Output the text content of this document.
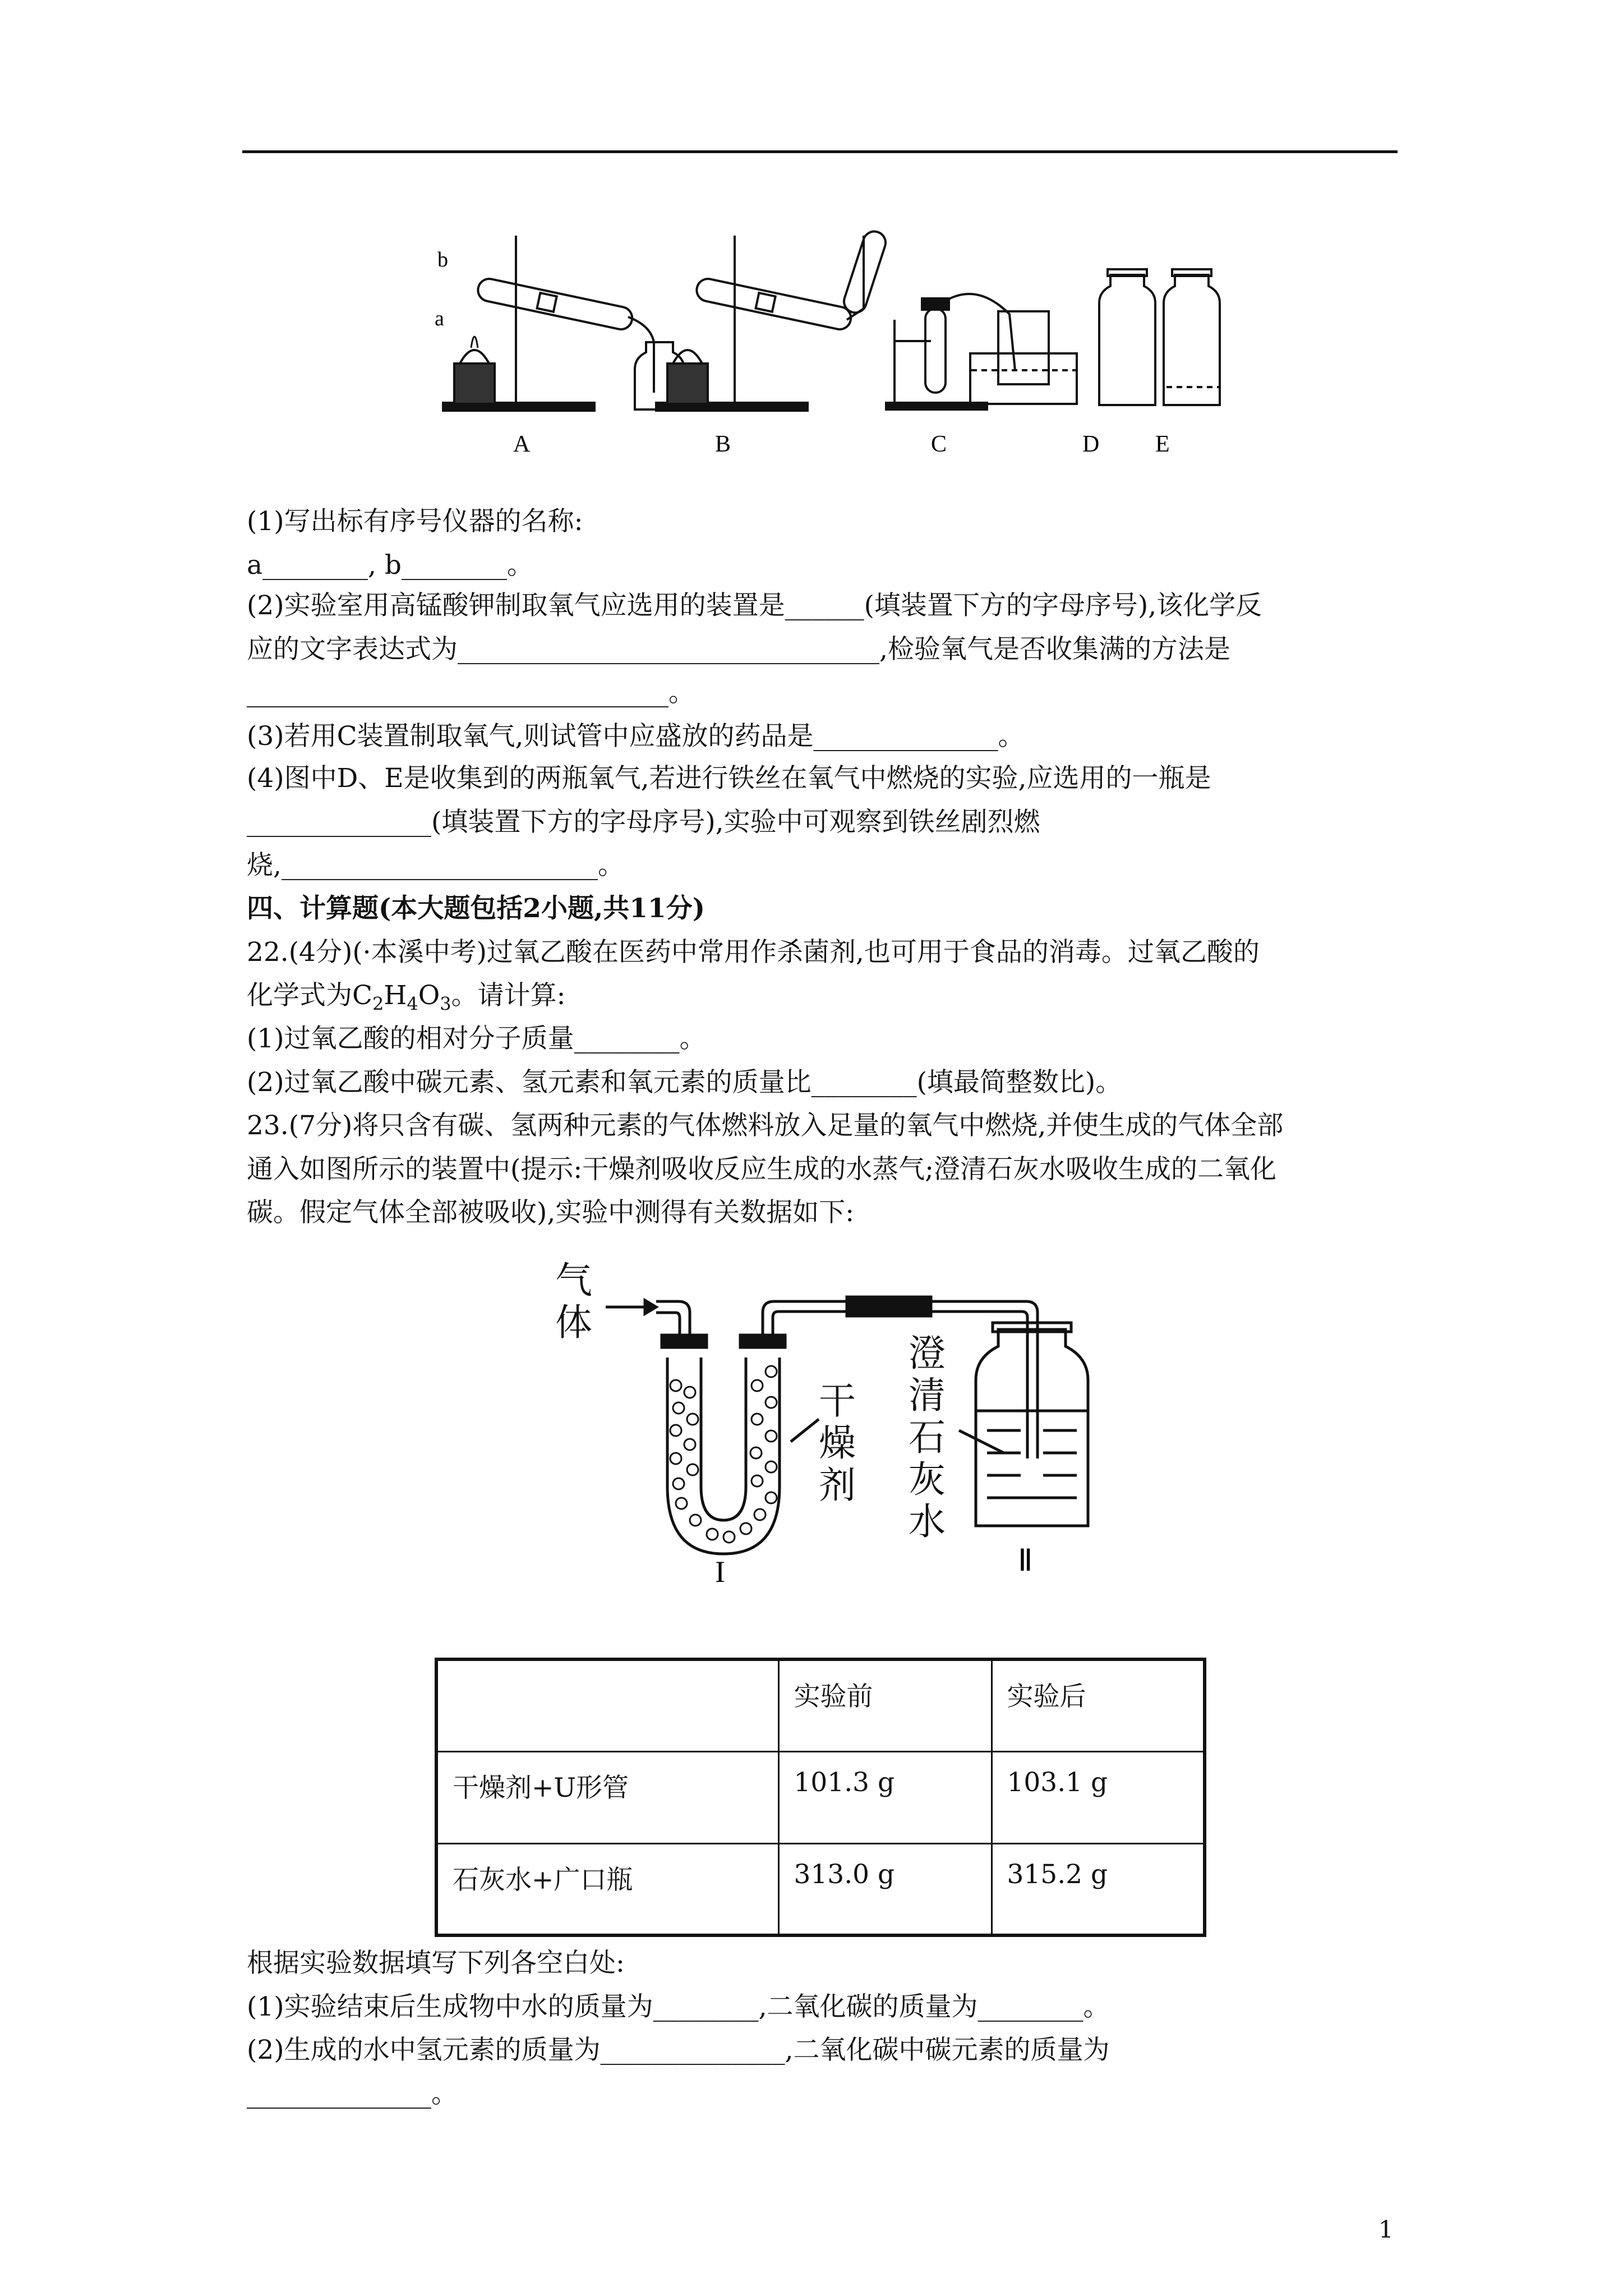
b
a
A	B	C	D E
(1)写出标有序号仪器的名称:
a________, b________。
(2)实验室用高锰酸钾制取氧气应选用的装置是______(填装置下方的字母序号),该化学反
应的文字表达式为________________________________,检验氧气是否收集满的方法是
________________________________。
(3)若用C装置制取氧气,则试管中应盛放的药品是______________。
(4)图中D、E是收集到的两瓶氧气,若进行铁丝在氧气中燃烧的实验,应选用的一瓶是
______________(填装置下方的字母序号),实验中可观察到铁丝剧烈燃
烧,________________________。
四、计算题(本大题包括2小题,共11分)
22.(4分)(·本溪中考)过氧乙酸在医药中常用作杀菌剂,也可用于食品的消毒。过氧乙酸的
化学式为$C_2H_4O_3$。请计算:
(1)过氧乙酸的相对分子质量________。
(2)过氧乙酸中碳元素、氢元素和氧元素的质量比________(填最简整数比)。
23.(7分)将只含有碳、氢两种元素的气体燃料放入足量的氧气中燃烧,并使生成的气体全部
通入如图所示的装置中(提示:干燥剂吸收反应生成的水蒸气;澄清石灰水吸收生成的二氧化
碳。假定气体全部被吸收),实验中测得有关数据如下:
气
体
干
燥
剂
澄
清
石
灰
水
I	Ⅱ
	实验前	实验后
干燥剂+U形管	101.3 g	103.1 g
石灰水+广口瓶	313.0 g	315.2 g
根据实验数据填写下列各空白处:
(1)实验结束后生成物中水的质量为________,二氧化碳的质量为________。
(2)生成的水中氢元素的质量为______________,二氧化碳中碳元素的质量为
______________。
1
